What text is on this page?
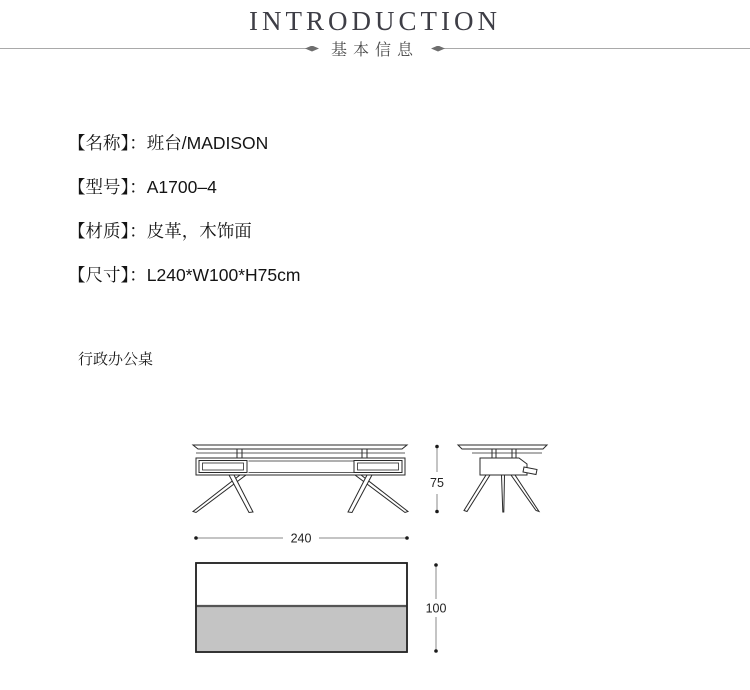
INTRODUCTION
基本信息
【名称】：班台/MADISON
【型号】：A1700–4
【材质】：皮革，木饰面
【尺寸】：L240*W100*H75cm
行政办公桌
75
240
100
